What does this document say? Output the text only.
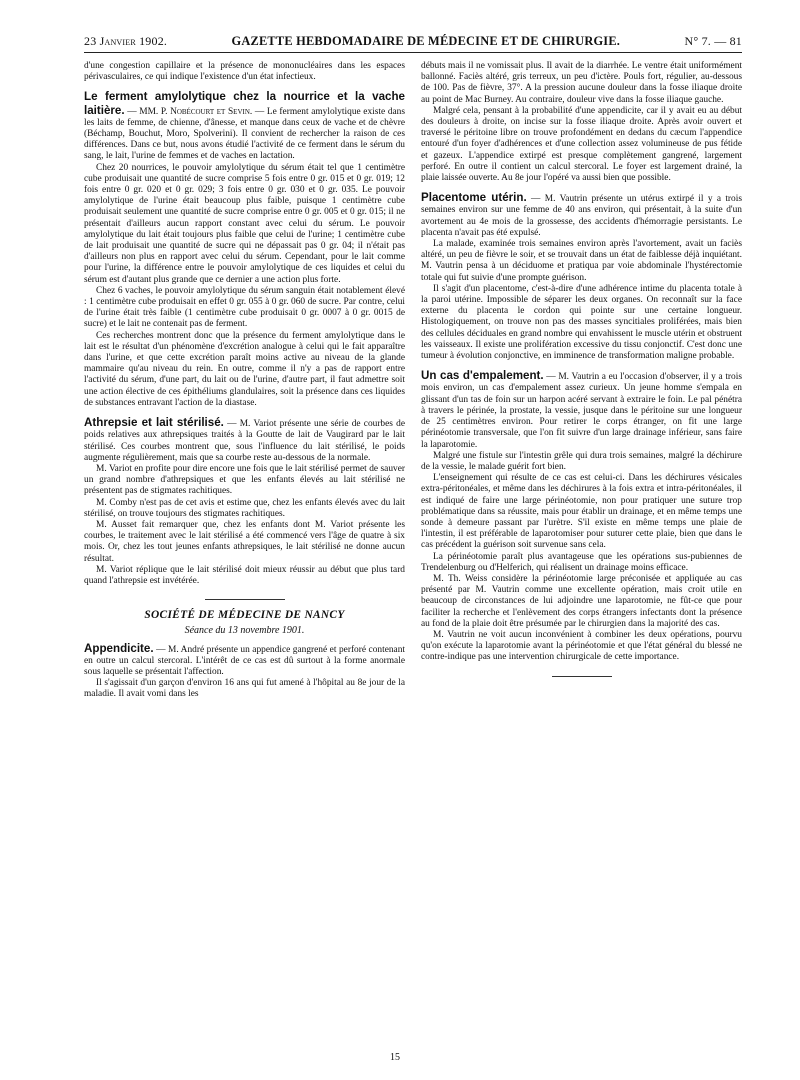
23 Janvier 1902.	GAZETTE HEBDOMADAIRE DE MÉDECINE ET DE CHIRURGIE.	N° 7. — 81

d'une congestion capillaire et la présence de mononucléaires dans les espaces périvasculaires, ce qui indique l'existence d'un état infectieux.

Le ferment amylolytique chez la nourrice et la vache laitière. — MM. P. Nobécourt et Sevin. — Le ferment amylolytique existe dans les laits de femme, de chienne, d'ânesse, et manque dans ceux de vache et de chèvre (Béchamp, Bouchut, Moro, Spolverini). Il convient de rechercher la raison de ces différences. Dans ce but, nous avons étudié l'activité de ce ferment dans le sérum du sang, le lait, l'urine de femmes et de vaches en lactation.

Chez 20 nourrices, le pouvoir amylolytique du sérum était tel que 1 centimètre cube produisait une quantité de sucre comprise 5 fois entre 0 gr. 015 et 0 gr. 019; 12 fois entre 0 gr. 020 et 0 gr. 029; 3 fois entre 0 gr. 030 et 0 gr. 035. Le pouvoir amylolytique de l'urine était beaucoup plus faible, puisque 1 centimètre cube produisait seulement une quantité de sucre comprise entre 0 gr. 005 et 0 gr. 015; il ne présentait d'ailleurs aucun rapport constant avec celui du sérum. Le pouvoir amylolytique du lait était toujours plus faible que celui de l'urine; 1 centimètre cube de lait produisait une quantité de sucre qui ne dépassait pas 0 gr. 04; il n'était pas d'ailleurs non plus en rapport avec celui du sérum. Cependant, pour le lait comme pour l'urine, la différence entre le pouvoir amylolytique de ces liquides et celui du sérum est d'autant plus grande que ce dernier a une action plus forte.

Chez 6 vaches, le pouvoir amylolytique du sérum sanguin était notablement élevé : 1 centimètre cube produisait en effet 0 gr. 055 à 0 gr. 060 de sucre. Par contre, celui de l'urine était très faible (1 centimètre cube produisait 0 gr. 0007 à 0 gr. 0015 de sucre) et le lait ne contenait pas de ferment.

Ces recherches montrent donc que la présence du ferment amylolytique dans le lait est le résultat d'un phénomène d'excrétion analogue à celui qui le fait apparaître dans l'urine, et que cette excrétion paraît moins active au niveau de la glande mammaire qu'au niveau du rein. En outre, comme il n'y a pas de rapport entre l'activité du sérum, d'une part, du lait ou de l'urine, d'autre part, il faut admettre soit une action élective de ces épithéliums glandulaires, soit la présence dans ces liquides de substances entravant l'action de la diastase.

Athrepsie et lait stérilisé. — M. Variot présente une série de courbes de poids relatives aux athrepsiques traités à la Goutte de lait de Vaugirard par le lait stérilisé. Ces courbes montrent que, sous l'influence du lait stérilisé, le poids augmente régulièrement, mais que sa courbe reste au-dessous de la normale.

M. Variot en profite pour dire encore une fois que le lait stérilisé permet de sauver un grand nombre d'athrepsiques et que les enfants élevés au lait stérilisé ne présentent pas de stigmates rachitiques.

M. Comby n'est pas de cet avis et estime que, chez les enfants élevés avec du lait stérilisé, on trouve toujours des stigmates rachitiques.

M. Ausset fait remarquer que, chez les enfants dont M. Variot présente les courbes, le traitement avec le lait stérilisé a été commencé vers l'âge de quatre à six mois. Or, chez les tout jeunes enfants athrepsiques, le lait stérilisé ne donne aucun résultat.

M. Variot réplique que le lait stérilisé doit mieux réussir au début que plus tard quand l'athrepsie est invétérée.

SOCIÉTÉ DE MÉDECINE DE NANCY
Séance du 13 novembre 1901.

Appendicite. — M. André présente un appendice gangrené et perforé contenant en outre un calcul stercoral. L'intérêt de ce cas est dû surtout à la forme anormale sous laquelle se présentait l'affection.

Il s'agissait d'un garçon d'environ 16 ans qui fut amené à l'hôpital au 8e jour de la maladie. Il avait vomi dans les

débuts mais il ne vomissait plus. Il avait de la diarrhée. Le ventre était uniformément ballonné. Faciès altéré, gris terreux, un peu d'ictère. Pouls fort, régulier, au-dessous de 100. Pas de fièvre, 37°. A la pression aucune douleur dans la fosse iliaque droite au point de Mac Burney. Au contraire, douleur vive dans la fosse iliaque gauche.

Malgré cela, pensant à la probabilité d'une appendicite, car il y avait eu au début des douleurs à droite, on incise sur la fosse iliaque droite. Après avoir ouvert et traversé le péritoine libre on trouve profondément en dedans du cæcum l'appendice entouré d'un foyer d'adhérences et d'une collection assez volumineuse de pus fétide et gazeux. L'appendice extirpé est presque complètement gangrené, largement perforé. En outre il contient un calcul stercoral. Le foyer est largement drainé, la plaie laissée ouverte. Au 8e jour l'opéré va aussi bien que possible.

Placentome utérin. — M. Vautrin présente un utérus extirpé il y a trois semaines environ sur une femme de 40 ans environ, qui présentait, à la suite d'un avortement au 4e mois de la grossesse, des accidents d'hémorragie persistants. Le placenta n'avait pas été expulsé.

La malade, examinée trois semaines environ après l'avortement, avait un faciès altéré, un peu de fièvre le soir, et se trouvait dans un état de faiblesse déjà inquiétant. M. Vautrin pensa à un déciduome et pratiqua par voie abdominale l'hystérectomie totale qui fut suivie d'une prompte guérison.

Il s'agit d'un placentome, c'est-à-dire d'une adhérence intime du placenta totale à la paroi utérine. Impossible de séparer les deux organes. On reconnaît sur la face externe du placenta le cordon qui pointe sur une certaine longueur. Histologiquement, on trouve non pas des masses syncitiales proliférées, mais bien des cellules déciduales en grand nombre qui envahissent le muscle utérin et obstruent les vaisseaux. Il existe une prolifération excessive du tissu conjonctif. C'est donc une tumeur à évolution conjonctive, en imminence de transformation maligne probable.

Un cas d'empalement. — M. Vautrin a eu l'occasion d'observer, il y a trois mois environ, un cas d'empalement assez curieux. Un jeune homme s'empala en glissant d'un tas de foin sur un harpon acéré servant à extraire le foin. Le pal pénétra à travers le périnée, la prostate, la vessie, jusque dans le péritoine sur une longueur de 25 centimètres environ. Pour retirer le corps étranger, on fit une large périnéotomie transversale, que l'on fit suivre d'un large drainage inférieur, sans faire la laparotomie.

Malgré une fistule sur l'intestin grêle qui dura trois semaines, malgré la déchirure de la vessie, le malade guérit fort bien.

L'enseignement qui résulte de ce cas est celui-ci. Dans les déchirures vésicales extra-péritonéales, et même dans les déchirures à la fois extra et intra-péritonéales, il est indiqué de faire une large périnéotomie, non pour pratiquer une suture trop problématique dans sa réussite, mais pour établir un drainage, et en même temps une sonde à demeure passant par l'urètre. S'il existe en même temps une plaie de l'intestin, il est préférable de laparotomiser pour suturer cette plaie, bien que dans le cas précédent la guérison soit survenue sans cela.

La périnéotomie paraît plus avantageuse que les opérations sus-pubiennes de Trendelenburg ou d'Helferich, qui réalisent un drainage moins efficace.

M. Th. Weiss considère la périnéotomie large préconisée et appliquée au cas présenté par M. Vautrin comme une excellente opération, mais croit utile en beaucoup de circonstances de lui adjoindre une laparotomie, ne fût-ce que pour faciliter la recherche et l'enlèvement des corps étrangers infectants dont la présence au fond de la plaie doit être présumée par le chirurgien dans la majorité des cas.

M. Vautrin ne voit aucun inconvénient à combiner les deux opérations, pourvu qu'on exécute la laparotomie avant la périnéotomie et que l'état général du blessé ne contre-indique pas une intervention chirurgicale de cette importance.

15
